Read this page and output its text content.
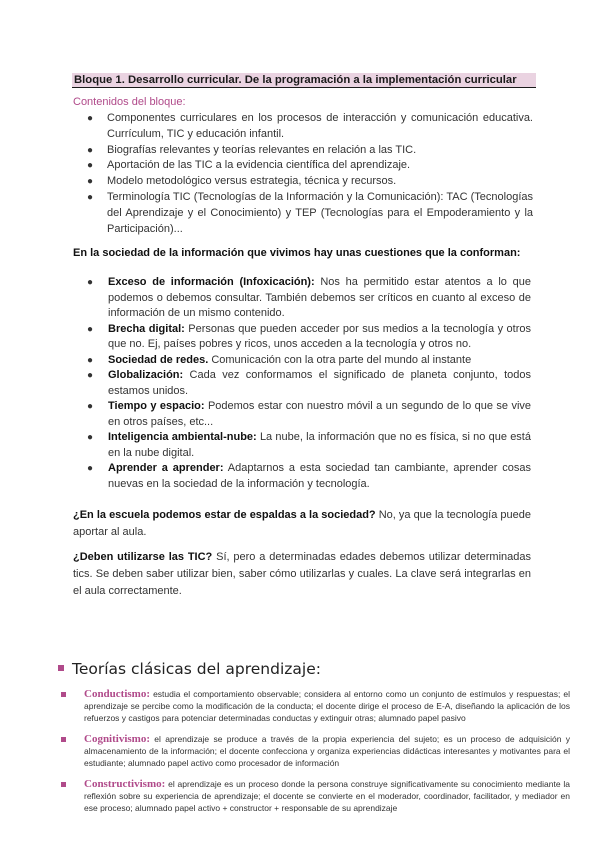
Bloque 1. Desarrollo curricular. De la programación a la implementación curricular
Contenidos del bloque:
● Componentes curriculares en los procesos de interacción y comunicación educativa. Currículum, TIC y educación infantil.
● Biografías relevantes y teorías relevantes en relación a las TIC.
● Aportación de las TIC a la evidencia científica del aprendizaje.
● Modelo metodológico versus estrategia, técnica y recursos.
● Terminología TIC (Tecnologías de la Información y la Comunicación): TAC (Tecnologías del Aprendizaje y el Conocimiento) y TEP (Tecnologías para el Empoderamiento y la Participación)...
En la sociedad de la información que vivimos hay unas cuestiones que la conforman:
● Exceso de información (Infoxicación): Nos ha permitido estar atentos a lo que podemos o debemos consultar. También debemos ser críticos en cuanto al exceso de información de un mismo contenido.
● Brecha digital: Personas que pueden acceder por sus medios a la tecnología y otros que no. Ej, países pobres y ricos, unos acceden a la tecnología y otros no.
● Sociedad de redes. Comunicación con la otra parte del mundo al instante
● Globalización: Cada vez conformamos el significado de planeta conjunto, todos estamos unidos.
● Tiempo y espacio: Podemos estar con nuestro móvil a un segundo de lo que se vive en otros países, etc...
● Inteligencia ambiental-nube: La nube, la información que no es física, si no que está en la nube digital.
● Aprender a aprender: Adaptarnos a esta sociedad tan cambiante, aprender cosas nuevas en la sociedad de la información y tecnología.
¿En la escuela podemos estar de espaldas a la sociedad? No, ya que la tecnología puede aportar al aula.
¿Deben utilizarse las TIC? Sí, pero a determinadas edades debemos utilizar determinadas tics. Se deben saber utilizar bien, saber cómo utilizarlas y cuales. La clave será integrarlas en el aula correctamente.
Teorías clásicas del aprendizaje:
Conductismo: estudia el comportamiento observable; considera al entorno como un conjunto de estímulos y respuestas; el aprendizaje se percibe como la modificación de la conducta; el docente dirige el proceso de E-A, diseñando la aplicación de los refuerzos y castigos para potenciar determinadas conductas y extinguir otras; alumnado papel pasivo
Cognitivismo: el aprendizaje se produce a través de la propia experiencia del sujeto; es un proceso de adquisición y almacenamiento de la información; el docente confecciona y organiza experiencias didácticas interesantes y motivantes para el estudiante; alumnado papel activo como procesador de información
Constructivismo: el aprendizaje es un proceso donde la persona construye significativamente su conocimiento mediante la reflexión sobre su experiencia de aprendizaje; el docente se convierte en el moderador, coordinador, facilitador, y mediador en ese proceso; alumnado papel activo + constructor + responsable de su aprendizaje
